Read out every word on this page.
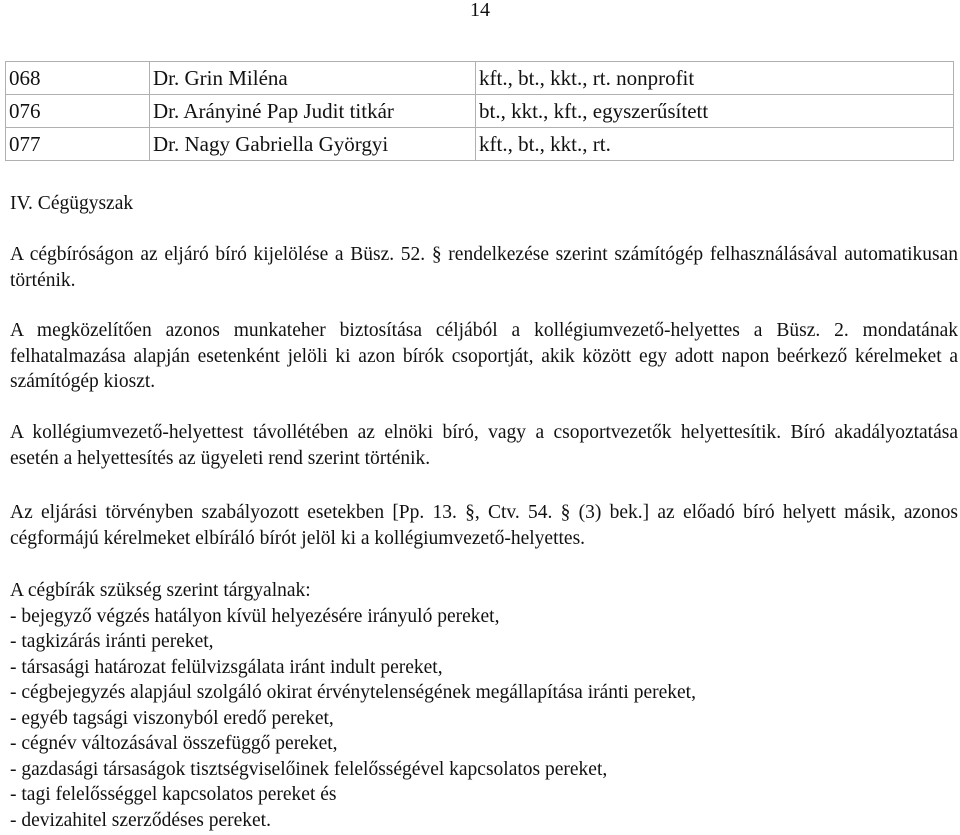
14
068	Dr. Grin Miléna	kft., bt., kkt., rt. nonprofit
076	Dr. Arányiné Pap Judit titkár	bt., kkt., kft., egyszerűsített
077	Dr. Nagy Gabriella Györgyi	kft., bt., kkt., rt.
IV. Cégügyszak
A cégbíróságon az eljáró bíró kijelölése a Büsz. 52. § rendelkezése szerint számítógép felhasználásával automatikusan történik.
A megközelítően azonos munkateher biztosítása céljából a kollégiumvezető-helyettes a Büsz. 2. mondatának felhatalmazása alapján esetenként jelöli ki azon bírók csoportját, akik között egy adott napon beérkező kérelmeket a számítógép kioszt.
A kollégiumvezető-helyettest távollétében az elnöki bíró, vagy a csoportvezetők helyettesítik. Bíró akadályoztatása esetén a helyettesítés az ügyeleti rend szerint történik.
Az eljárási törvényben szabályozott esetekben [Pp. 13. §, Ctv. 54. § (3) bek.] az előadó bíró helyett másik, azonos cégformájú kérelmeket elbíráló bírót jelöl ki a kollégiumvezető-helyettes.
A cégbírák szükség szerint tárgyalnak:
- bejegyző végzés hatályon kívül helyezésére irányuló pereket,
- tagkizárás iránti pereket,
- társasági határozat felülvizsgálata iránt indult pereket,
- cégbejegyzés alapjául szolgáló okirat érvénytelenségének megállapítása iránti pereket,
- egyéb tagsági viszonyból eredő pereket,
- cégnév változásával összefüggő pereket,
- gazdasági társaságok tisztségviselőinek felelősségével kapcsolatos pereket,
- tagi felelősséggel kapcsolatos pereket és
- devizahitel szerződéses pereket.
